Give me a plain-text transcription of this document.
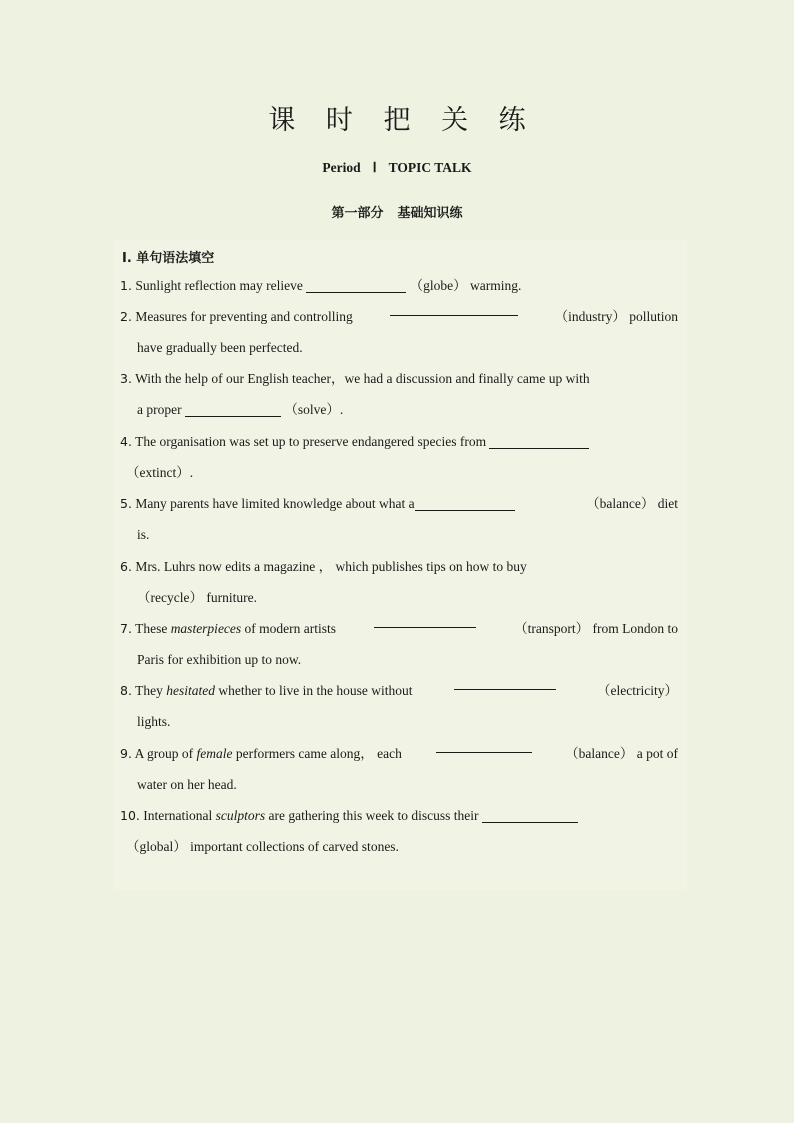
课 时 把 关 练
Period Ⅰ TOPIC TALK
第一部分 基础知识练
Ⅰ. 单句语法填空
1. Sunlight reflection may relieve	（globe） warming.
2. Measures for preventing and controlling	（industry） pollution
have gradually been perfected.
3. With the help of our English teacher，we had a discussion and finally came up with
a proper	（solve）.
4. The organisation was set up to preserve endangered species from
（extinct）.
5. Many parents have limited knowledge about what a	（balance） diet
is.
6. Mrs. Luhrs now edits a magazine ， which publishes tips on how to buy
（recycle） furniture.
7. These masterpieces of modern artists	（transport） from London to
Paris for exhibition up to now.
8. They hesitated whether to live in the house without	（electricity）
lights.
9. A group of female performers came along， each	（balance） a pot of
water on her head.
10. International sculptors are gathering this week to discuss their
（global） important collections of carved stones.
